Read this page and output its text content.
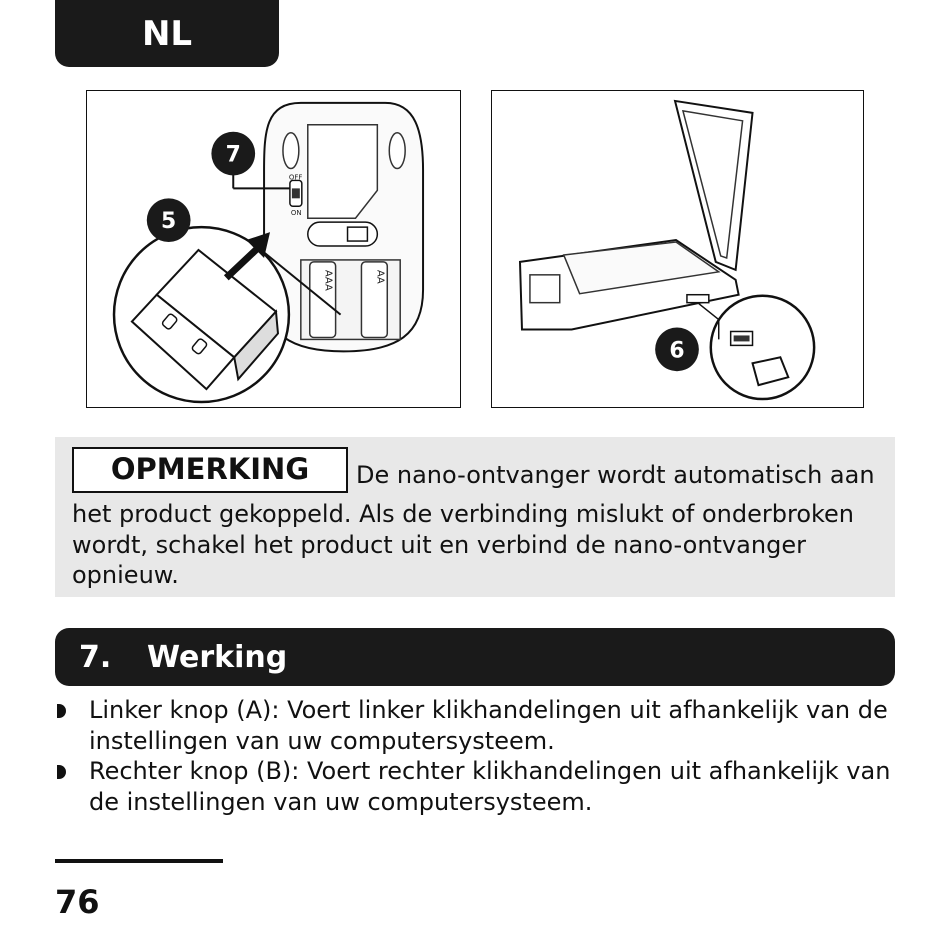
NL
OFF
ON
AAA	AA
7
5
6
OPMERKING De nano-ontvanger wordt automatisch aan het product gekoppeld. Als de verbinding mislukt of onderbroken wordt, schakel het product uit en verbind de nano-ontvanger opnieuw.
7.	Werking
Linker knop (A): Voert linker klikhandelingen uit afhankelijk van de instellingen van uw computersysteem.
Rechter knop (B): Voert rechter klikhandelingen uit afhankelijk van de instellingen van uw computersysteem.
76
